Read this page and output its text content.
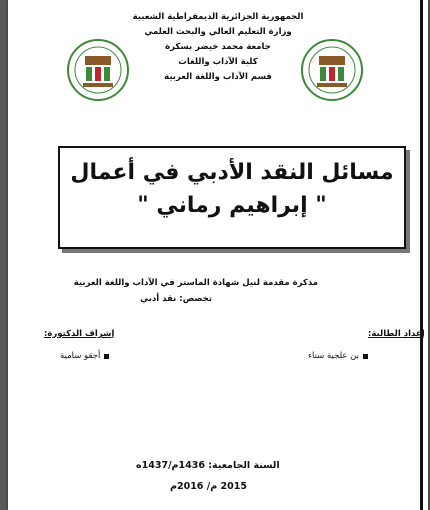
الجمهورية الجزائرية الديمقراطية الشعبية
وزارة التعليم العالي والبحث العلمي
جامعة محمد خيضر بسكرة
كلية الآداب واللغات
قسم الآداب واللغة العربية
مسائل النقد الأدبي في أعمال
" إبراهيم رماني "
مذكرة مقدمة لنيل شهادة الماستر في الآداب واللغة العربية
تخصص: نقد أدبي
إعداد الطالبة:
إشراف الدكتورة:
بن علجية سناء
أجقو سامية
السنة الجامعية: 1436م/1437ه
2015 م/ 2016م
